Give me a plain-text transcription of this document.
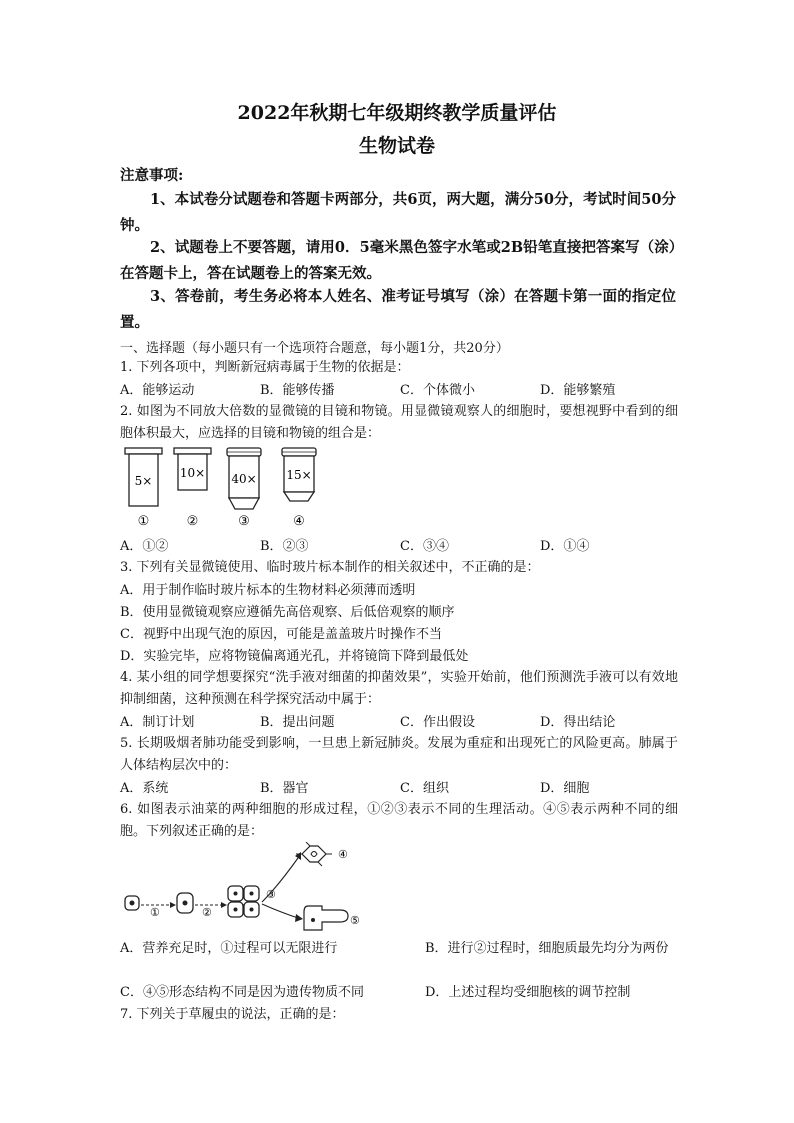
2022年秋期七年级期终教学质量评估
生物试卷
注意事项:
1、本试卷分试题卷和答题卡两部分，共6页，两大题，满分50分，考试时间50分钟。
2、试题卷上不要答题，请用0．5毫米黑色签字水笔或2B铅笔直接把答案写（涂）在答题卡上，答在试题卷上的答案无效。
3、答卷前，考生务必将本人姓名、准考证号填写（涂）在答题卡第一面的指定位置。
一、选择题（每小题只有一个选项符合题意，每小题1分，共20分）
1. 下列各项中，判断新冠病毒属于生物的依据是：
A．能够运动	B．能够传播	C．个体微小	D．能够繁殖
2. 如图为不同放大倍数的显微镜的目镜和物镜。用显微镜观察人的细胞时，要想视野中看到的细胞体积最大，应选择的目镜和物镜的组合是：
5×
①
10×
②
40×
③
15×
④
A．①②	B．②③	C．③④	D．①④
3. 下列有关显微镜使用、临时玻片标本制作的相关叙述中，不正确的是：
A．用于制作临时玻片标本的生物材料必须薄而透明
B．使用显微镜观察应遵循先高倍观察、后低倍观察的顺序
C．视野中出现气泡的原因，可能是盖盖玻片时操作不当
D．实验完毕，应将物镜偏离通光孔，并将镜筒下降到最低处
4. 某小组的同学想要探究“洗手液对细菌的抑菌效果”，实验开始前，他们预测洗手液可以有效地抑制细菌，这种预测在科学探究活动中属于：
A．制订计划	B．提出问题	C．作出假设	D．得出结论
5. 长期吸烟者肺功能受到影响，一旦患上新冠肺炎。发展为重症和出现死亡的风险更高。肺属于人体结构层次中的：
A．系统	B．器官	C．组织	D．细胞
6. 如图表示油菜的两种细胞的形成过程，①②③表示不同的生理活动。④⑤表示两种不同的细胞。下列叙述正确的是：
①	②
③
④
⑤
A．营养充足时，①过程可以无限进行	B．进行②过程时，细胞质最先均分为两份
C．④⑤形态结构不同是因为遗传物质不同	D．上述过程均受细胞核的调节控制
7. 下列关于草履虫的说法，正确的是：
